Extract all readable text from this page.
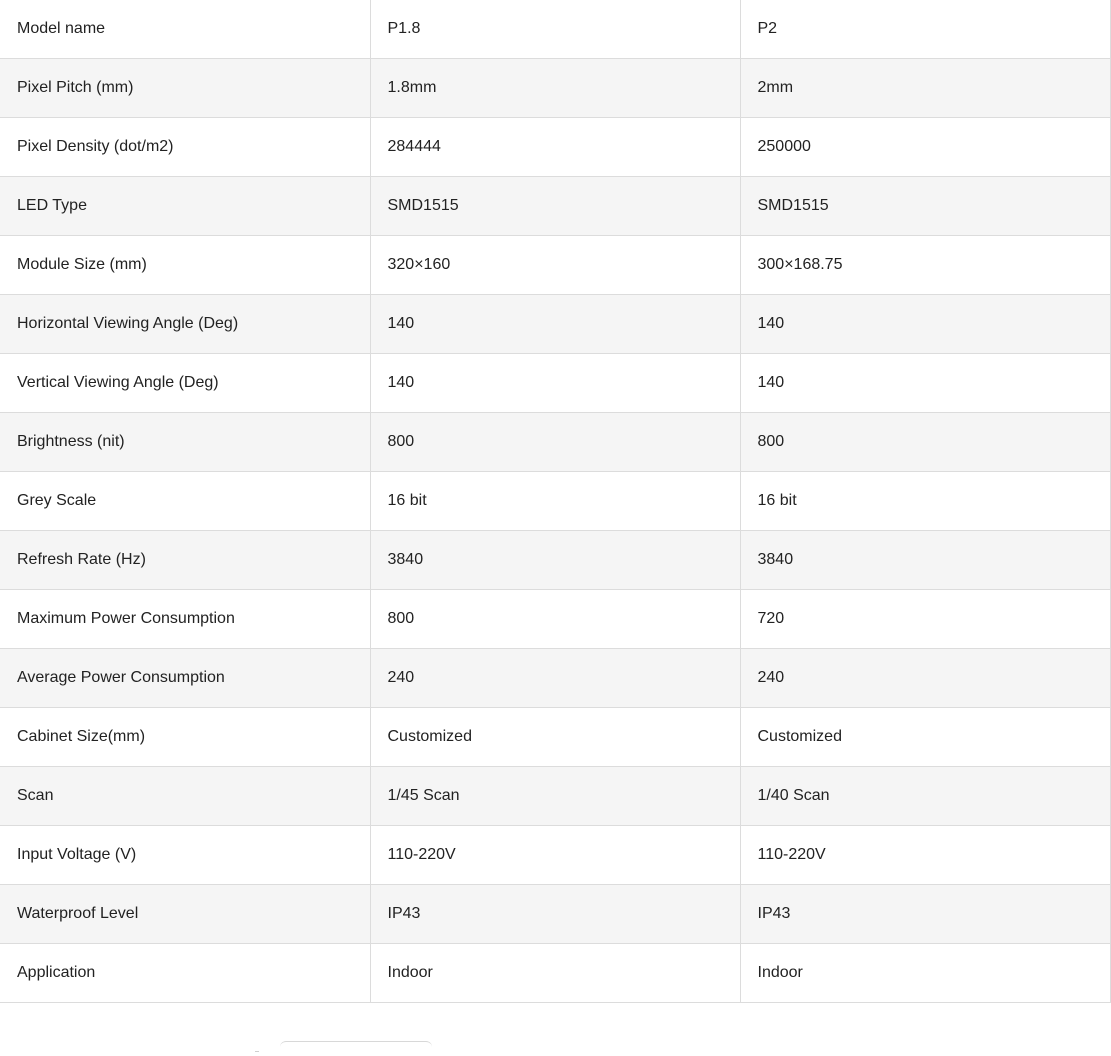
Model name	P1.8	P2
Pixel Pitch (mm)	1.8mm	2mm
Pixel Density (dot/m2)	284444	250000
LED Type	SMD1515	SMD1515
Module Size (mm)	320×160	300×168.75
Horizontal Viewing Angle (Deg)	140	140
Vertical Viewing Angle (Deg)	140	140
Brightness (nit)	800	800
Grey Scale	16 bit	16 bit
Refresh Rate (Hz)	3840	3840
Maximum Power Consumption	800	720
Average Power Consumption	240	240
Cabinet Size(mm)	Customized	Customized
Scan	1/45 Scan	1/40 Scan
Input Voltage (V)	110-220V	110-220V
Waterproof Level	IP43	IP43
Application	Indoor	Indoor
